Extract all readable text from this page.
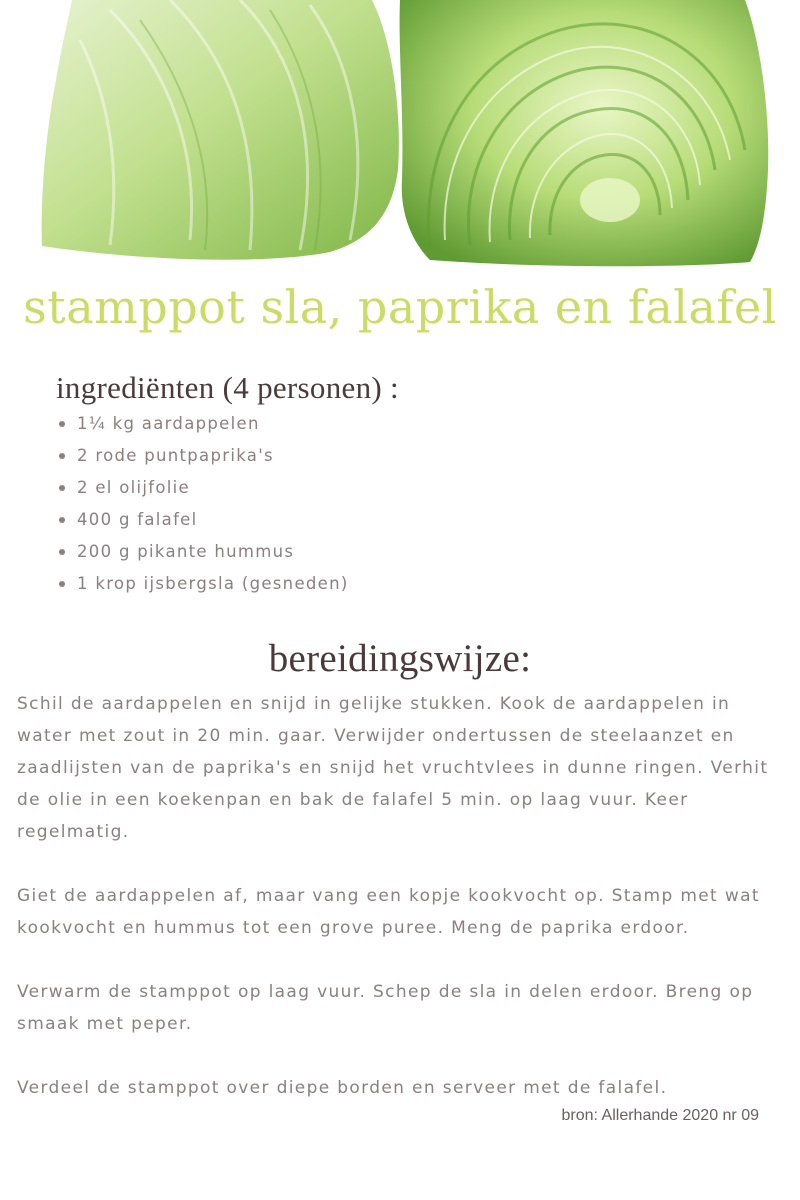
stamppot sla, paprika en falafel
ingrediënten (4 personen) :
1¼ kg aardappelen
2 rode puntpaprika's
2 el olijfolie
400 g falafel
200 g pikante hummus
1 krop ijsbergsla (gesneden)
bereidingswijze:

Schil de aardappelen en snijd in gelijke stukken. Kook de aardappelen in water met zout in 20 min. gaar. Verwijder ondertussen de steelaanzet en zaadlijsten van de paprika's en snijd het vruchtvlees in dunne ringen. Verhit de olie in een koekenpan en bak de falafel 5 min. op laag vuur. Keer regelmatig.

Giet de aardappelen af, maar vang een kopje kookvocht op. Stamp met wat kookvocht en hummus tot een grove puree. Meng de paprika erdoor.

Verwarm de stamppot op laag vuur. Schep de sla in delen erdoor. Breng op smaak met peper.

Verdeel de stamppot over diepe borden en serveer met de falafel.

bron: Allerhande 2020 nr 09
